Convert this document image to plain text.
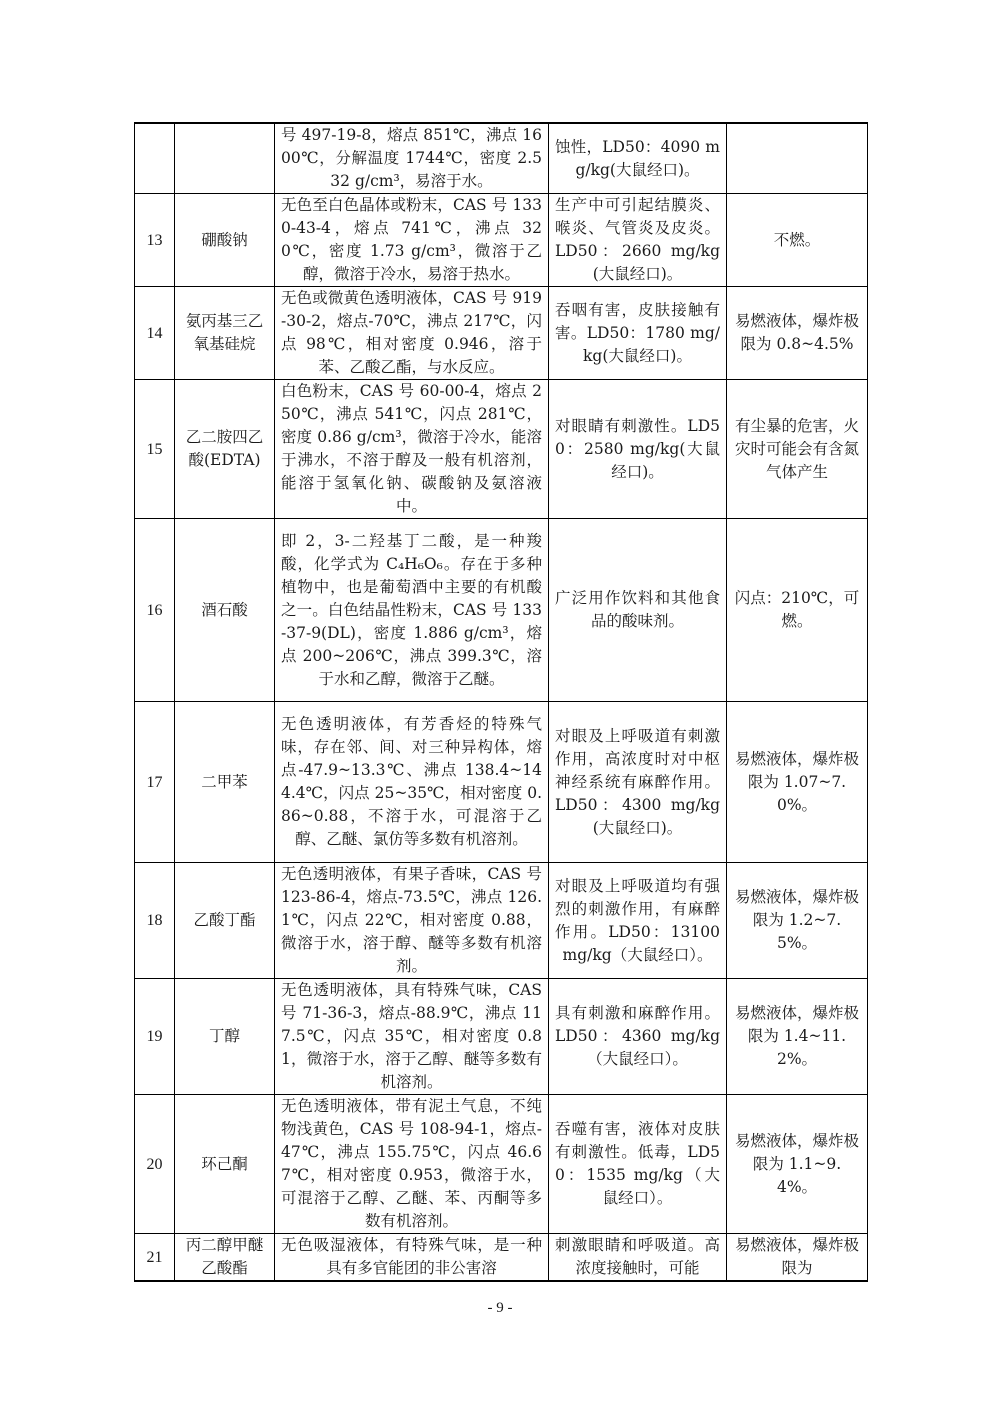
		号 497-19-8，熔点 851℃，沸点 1600℃，分解温度 1744℃，密度 2.532 g/cm³，易溶于水。	蚀性，LD50：4090 mg/kg(大鼠经口)。	
13	硼酸钠	无色至白色晶体或粉末，CAS 号 1330-43-4，熔点 741℃，沸点 320℃，密度 1.73 g/cm³，微溶于乙醇，微溶于冷水，易溶于热水。	生产中可引起结膜炎、喉炎、气管炎及皮炎。LD50：2660 mg/kg(大鼠经口)。	不燃。
14	氨丙基三乙氧基硅烷	无色或微黄色透明液体，CAS 号 919-30-2，熔点-70℃，沸点 217℃，闪点 98℃，相对密度 0.946，溶于苯、乙酸乙酯，与水反应。	吞咽有害，皮肤接触有害。LD50：1780 mg/kg(大鼠经口)。	易燃液体，爆炸极限为 0.8~4.5%
15	乙二胺四乙酸(EDTA)	白色粉末，CAS 号 60-00-4，熔点 250℃，沸点 541℃，闪点 281℃，密度 0.86 g/cm³，微溶于冷水，能溶于沸水，不溶于醇及一般有机溶剂，能溶于氢氧化钠、碳酸钠及氨溶液中。	对眼睛有刺激性。LD50：2580 mg/kg(大鼠经口)。	有尘暴的危害，火灾时可能会有含氮气体产生
16	酒石酸	即 2，3-二羟基丁二酸，是一种羧酸，化学式为 C₄H₆O₆。存在于多种植物中，也是葡萄酒中主要的有机酸之一。白色结晶性粉末，CAS 号 133-37-9(DL)，密度 1.886 g/cm³，熔点 200~206℃，沸点 399.3℃，溶于水和乙醇，微溶于乙醚。	广泛用作饮料和其他食品的酸味剂。	闪点：210℃，可燃。
17	二甲苯	无色透明液体，有芳香烃的特殊气味，存在邻、间、对三种异构体，熔点-47.9~13.3℃、沸点 138.4~144.4℃，闪点 25~35℃，相对密度 0.86~0.88，不溶于水，可混溶于乙醇、乙醚、氯仿等多数有机溶剂。	对眼及上呼吸道有刺激作用，高浓度时对中枢神经系统有麻醉作用。LD50：4300 mg/kg(大鼠经口)。	易燃液体，爆炸极限为 1.07~7.0%。
18	乙酸丁酯	无色透明液体，有果子香味，CAS 号 123-86-4，熔点-73.5℃，沸点 126.1℃，闪点 22℃，相对密度 0.88，微溶于水，溶于醇、醚等多数有机溶剂。	对眼及上呼吸道均有强烈的刺激作用，有麻醉作用。LD50：13100mg/kg（大鼠经口）。	易燃液体，爆炸极限为 1.2~7.5%。
19	丁醇	无色透明液体，具有特殊气味，CAS 号 71-36-3，熔点-88.9℃，沸点 117.5℃，闪点 35℃，相对密度 0.81，微溶于水，溶于乙醇、醚等多数有机溶剂。	具有刺激和麻醉作用。LD50：4360 mg/kg（大鼠经口）。	易燃液体，爆炸极限为 1.4~11.2%。
20	环己酮	无色透明液体，带有泥土气息，不纯物浅黄色，CAS 号 108-94-1，熔点-47℃，沸点 155.75℃，闪点 46.67℃，相对密度 0.953，微溶于水，可混溶于乙醇、乙醚、苯、丙酮等多数有机溶剂。	吞噬有害，液体对皮肤有刺激性。低毒，LD50：1535 mg/kg（大鼠经口）。	易燃液体，爆炸极限为 1.1~9.4%。
21	丙二醇甲醚乙酸酯	无色吸湿液体，有特殊气味，是一种具有多官能团的非公害溶	刺激眼睛和呼吸道。高浓度接触时，可能	易燃液体，爆炸极限为
- 9 -
